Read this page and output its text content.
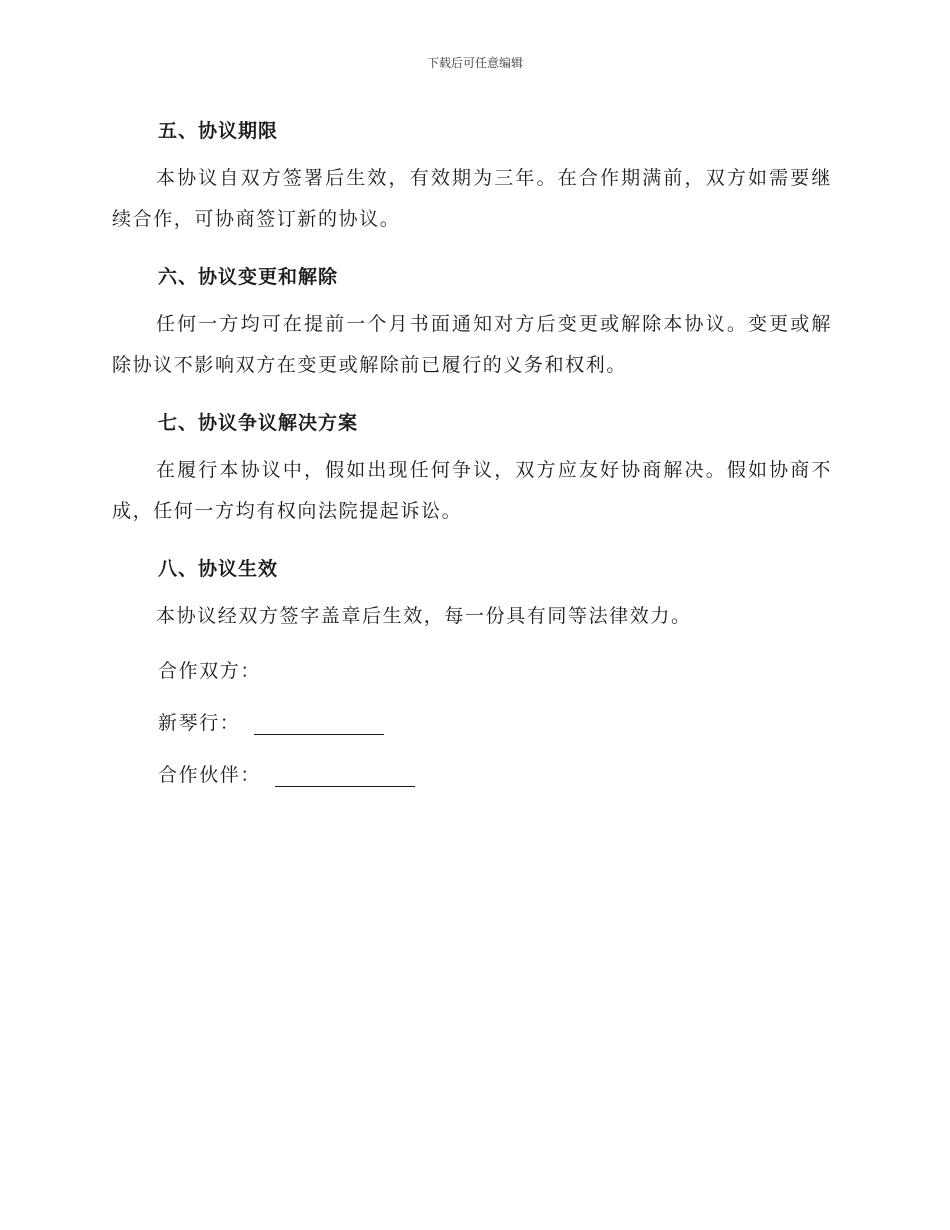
下载后可任意编辑
五、协议期限

本协议自双方签署后生效，有效期为三年。在合作期满前，双方如需要继续合作，可协商签订新的协议。

六、协议变更和解除

任何一方均可在提前一个月书面通知对方后变更或解除本协议。变更或解除协议不影响双方在变更或解除前已履行的义务和权利。

七、协议争议解决方案

在履行本协议中，假如出现任何争议，双方应友好协商解决。假如协商不成，任何一方均有权向法院提起诉讼。

八、协议生效

本协议经双方签字盖章后生效，每一份具有同等法律效力。

合作双方：
新琴行：
合作伙伴：
